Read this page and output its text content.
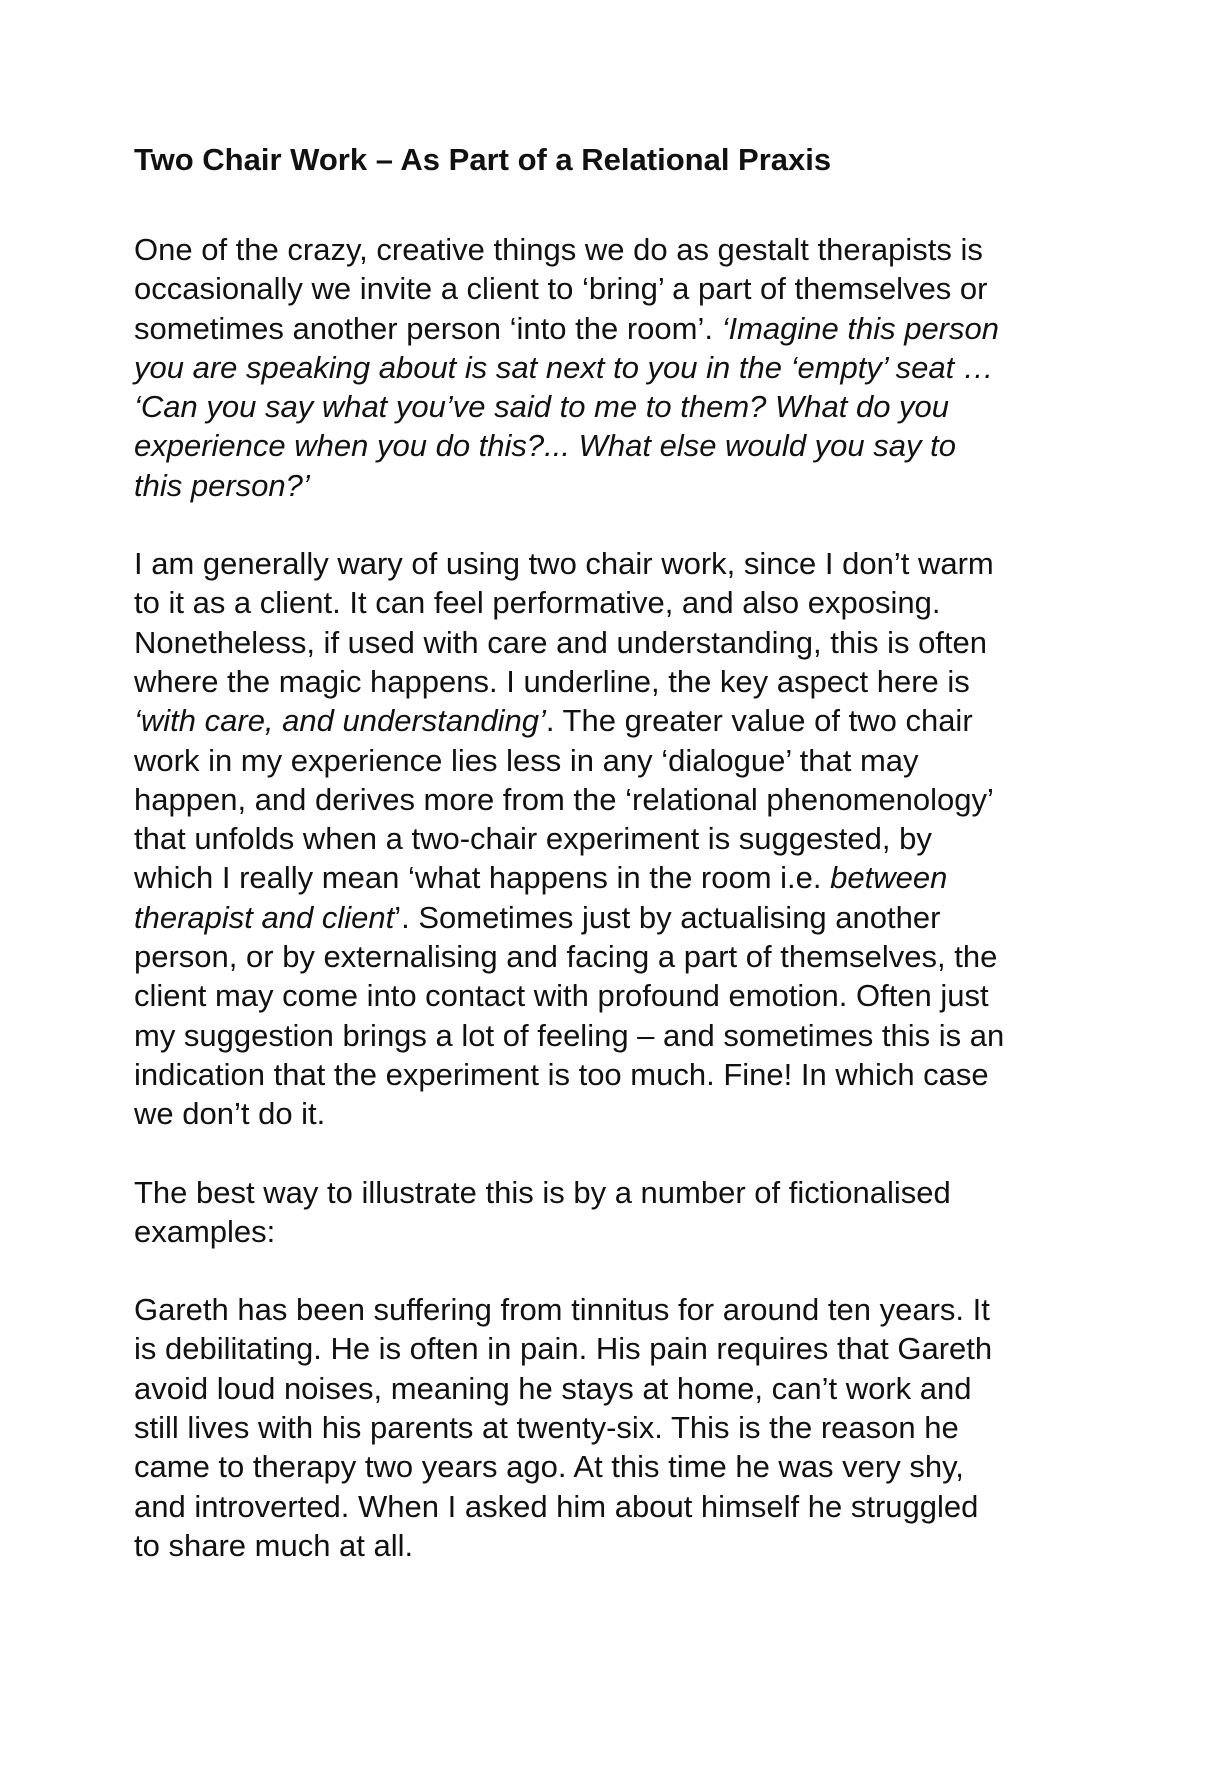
Two Chair Work – As Part of a Relational Praxis

One of the crazy, creative things we do as gestalt therapists is
occasionally we invite a client to ‘bring’ a part of themselves or
sometimes another person ‘into the room’. ‘Imagine this person
you are speaking about is sat next to you in the ‘empty’ seat …
‘Can you say what you’ve said to me to them? What do you
experience when you do this?... What else would you say to
this person?’

I am generally wary of using two chair work, since I don’t warm
to it as a client. It can feel performative, and also exposing.
Nonetheless, if used with care and understanding, this is often
where the magic happens. I underline, the key aspect here is
‘with care, and understanding’. The greater value of two chair
work in my experience lies less in any ‘dialogue’ that may
happen, and derives more from the ‘relational phenomenology’
that unfolds when a two-chair experiment is suggested, by
which I really mean ‘what happens in the room i.e. between
therapist and client’. Sometimes just by actualising another
person, or by externalising and facing a part of themselves, the
client may come into contact with profound emotion. Often just
my suggestion brings a lot of feeling – and sometimes this is an
indication that the experiment is too much. Fine! In which case
we don’t do it.

The best way to illustrate this is by a number of fictionalised
examples:

Gareth has been suffering from tinnitus for around ten years. It
is debilitating. He is often in pain. His pain requires that Gareth
avoid loud noises, meaning he stays at home, can’t work and
still lives with his parents at twenty-six. This is the reason he
came to therapy two years ago. At this time he was very shy,
and introverted. When I asked him about himself he struggled
to share much at all.
